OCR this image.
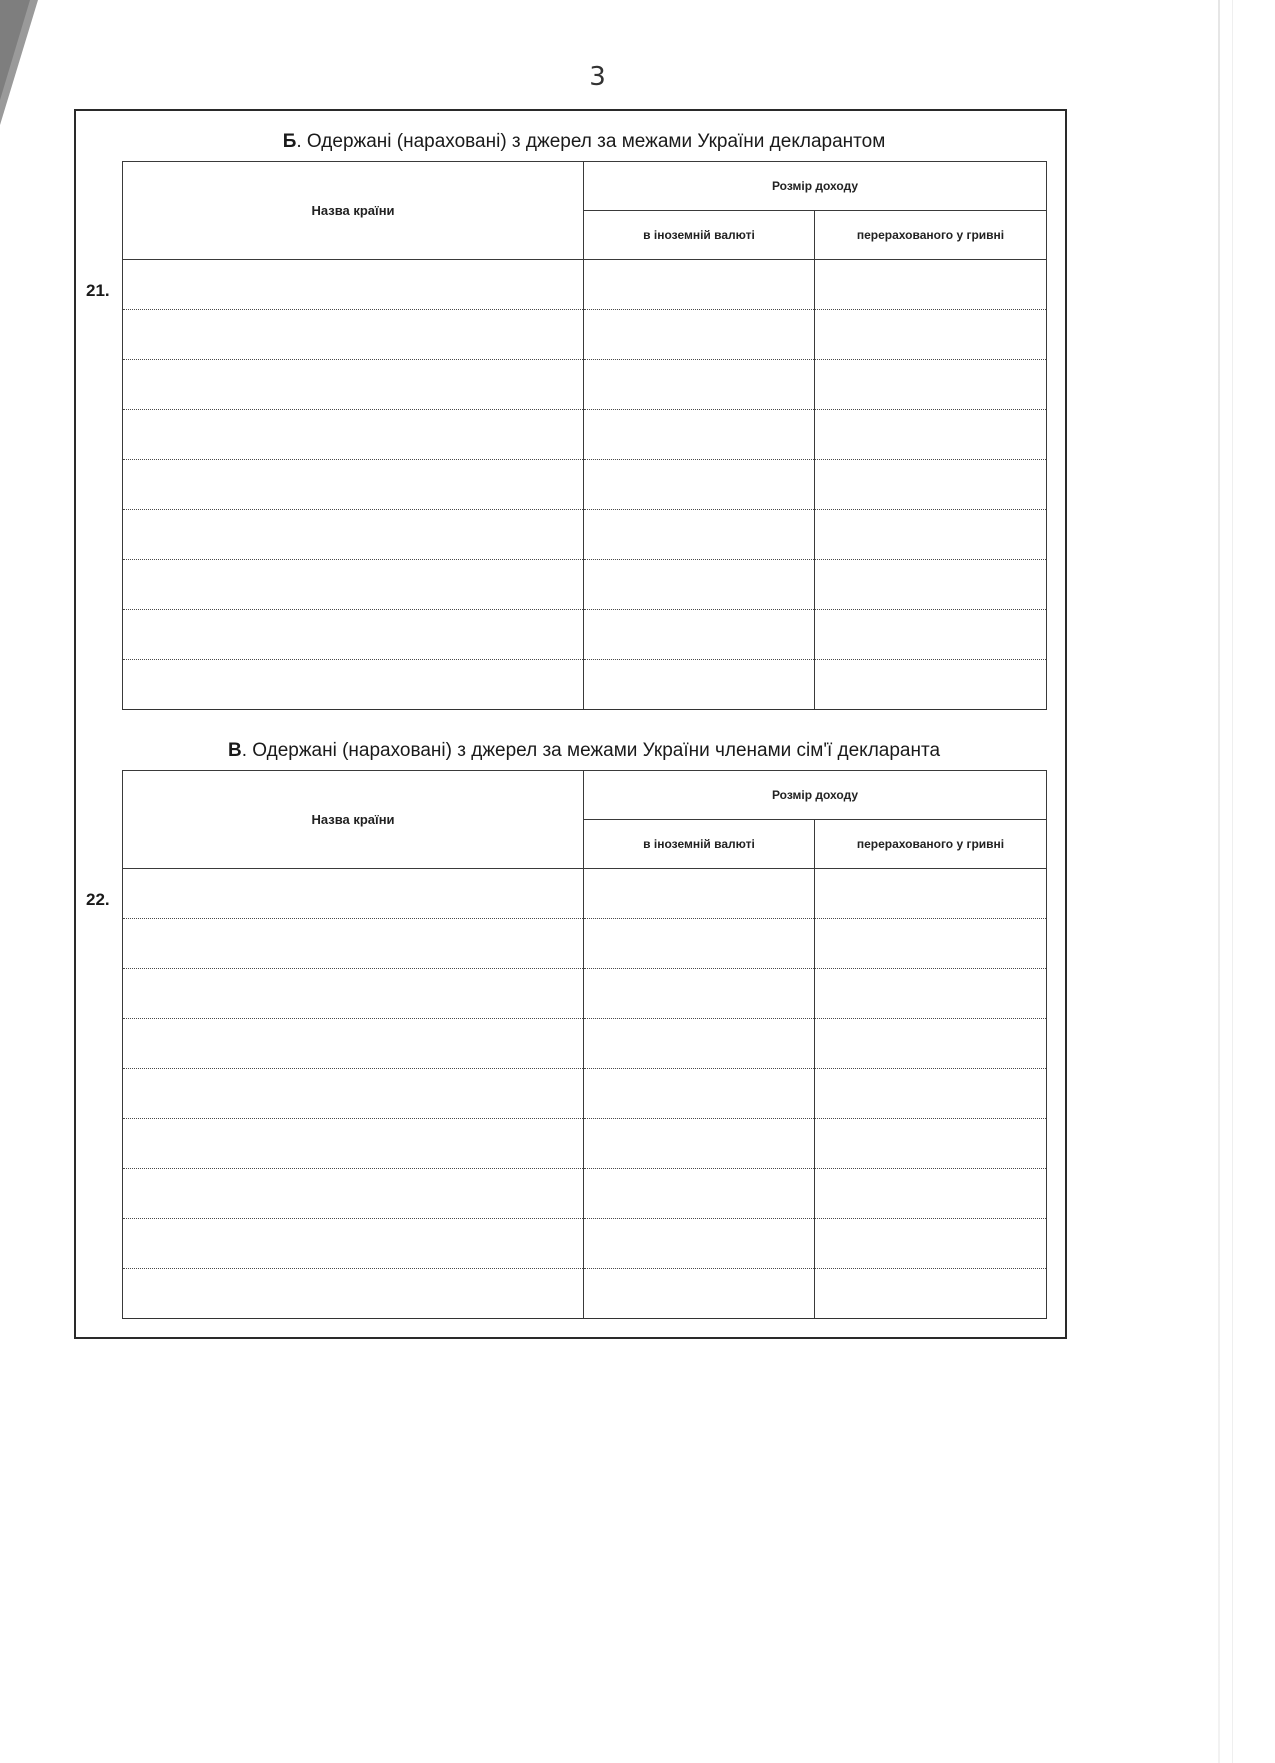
3
Б. Одержані (нараховані) з джерел за межами України декларантом
Назва країни	Розмір доходу	
	в іноземній валюті	перерахованого у гривні

21.
В. Одержані (нараховані) з джерел за межами України членами сім'ї декларанта
Назва країни	Розмір доходу	
	в іноземній валюті	перерахованого у гривні

22.
